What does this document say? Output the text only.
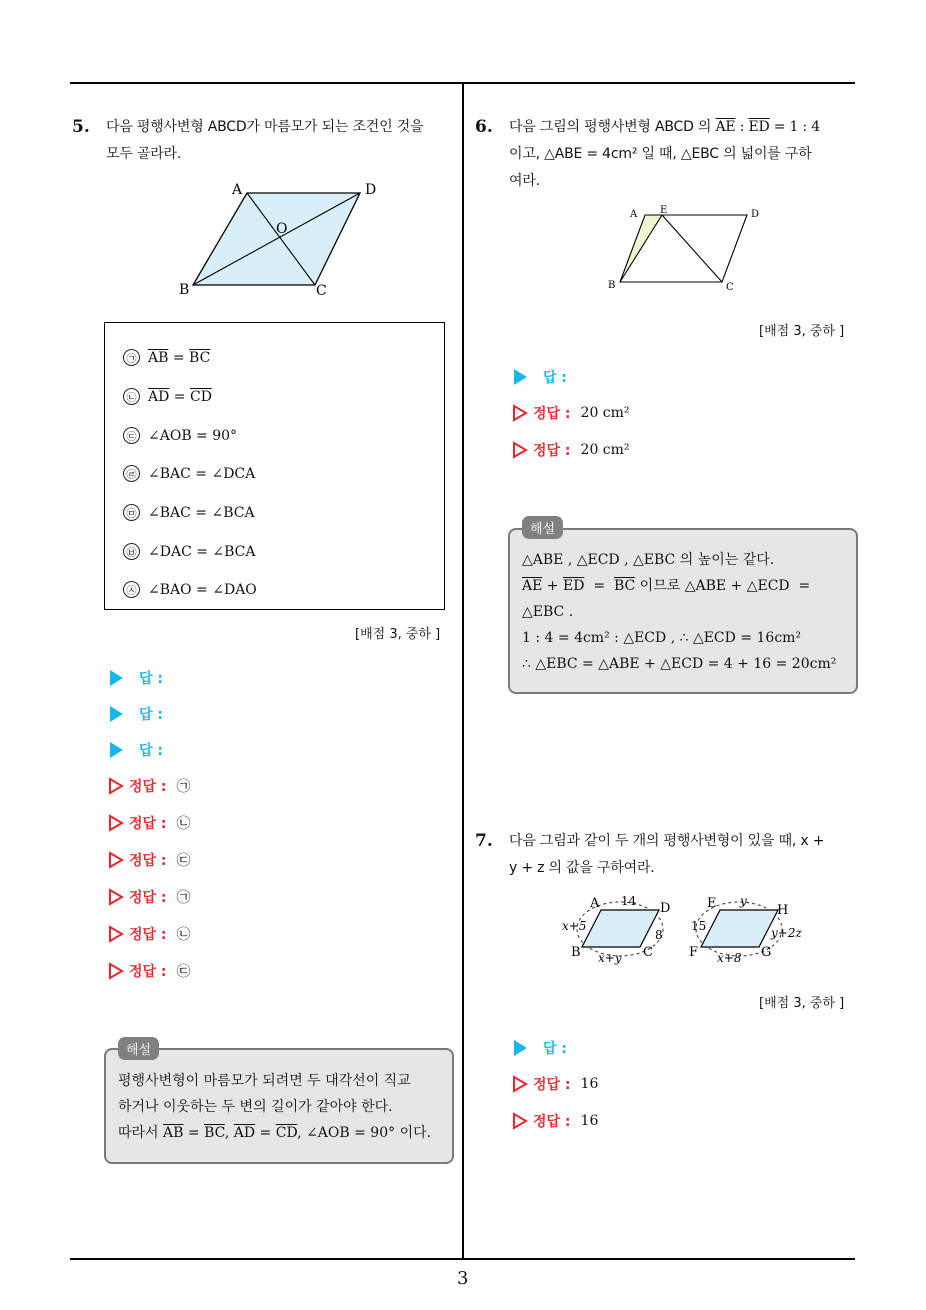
3
5. 다음 평행사변형 ABCD가 마름모가 되는 조건인 것을
모두 골라라.
A	D
O
B	C
㉠ $\overline{AB} = \overline{BC}$
㉡ $\overline{AD} = \overline{CD}$
㉢ ∠AOB = 90°
㉣ ∠BAC = ∠DCA
㉤ ∠BAC = ∠BCA
㉥ ∠DAC = ∠BCA
㉦ ∠BAO = ∠DAO
[배점 3, 중하 ]
답 :
답 :
답 :
정답 : ㉠
정답 : ㉡
정답 : ㉢
정답 : ㉠
정답 : ㉡
정답 : ㉢
평행사변형이 마름모가 되려면 두 대각선이 직교
하거나 이웃하는 두 변의 길이가 같아야 한다.
따라서 $\overline{AB} = \overline{BC}$, $\overline{AD} = \overline{CD}$, ∠AOB = 90° 이다.
해설
6. 다음 그림의 평행사변형 ABCD 의 $\overline{AE}$ : $\overline{ED} = 1$ : 4
이고, △ABE = 4cm² 일 때, △EBC 의 넓이를 구하
여라.
A E	D
B	C
[배점 3, 중하 ]
답 :
정답 : 20 cm²
정답 : 20 cm²
△ABE , △ECD , △EBC 의 높이는 같다.
$\overline{AE} + \overline{ED} = \overline{BC}$ 이므로 △ABE + △ECD  =
△EBC .
1 : 4 = 4cm² : △ECD , ∴ △ECD = 16cm²
∴ △EBC = △ABE + △ECD = 4 + 16 = 20cm²
해설
7. 다음 그림과 같이 두 개의 평행사변형이 있을 때, x +
y + z 의 값을 구하여라.
A	D
B	C
14
x+5
8
x+y
E	H
F	G
y
15	y+2z
x+8
[배점 3, 중하 ]
답 :
정답 : 16
정답 : 16
